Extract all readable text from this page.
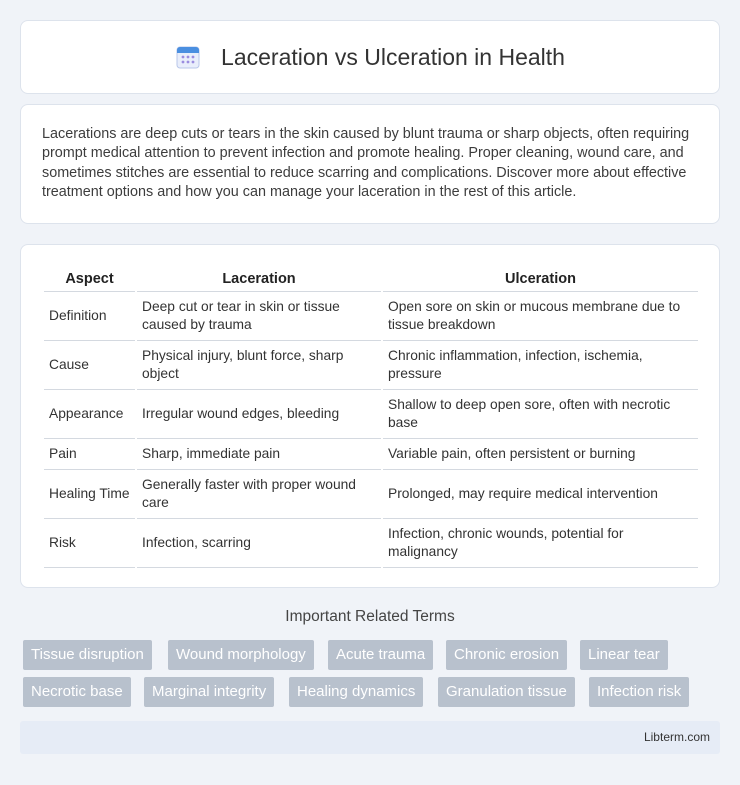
Laceration vs Ulceration in Health

Lacerations are deep cuts or tears in the skin caused by blunt trauma or sharp objects, often requiring prompt medical attention to prevent infection and promote healing. Proper cleaning, wound care, and sometimes stitches are essential to reduce scarring and complications. Discover more about effective treatment options and how you can manage your laceration in the rest of this article.

Aspect	Laceration	Ulceration
Definition	Deep cut or tear in skin or tissue caused by trauma	Open sore on skin or mucous membrane due to tissue breakdown
Cause	Physical injury, blunt force, sharp object	Chronic inflammation, infection, ischemia, pressure
Appearance	Irregular wound edges, bleeding	Shallow to deep open sore, often with necrotic base
Pain	Sharp, immediate pain	Variable pain, often persistent or burning
Healing Time	Generally faster with proper wound care	Prolonged, may require medical intervention
Risk	Infection, scarring	Infection, chronic wounds, potential for malignancy
Important Related Terms
Tissue disruption	Wound morphology	Acute trauma	Chronic erosion	Linear tear
Necrotic base	Marginal integrity	Healing dynamics	Granulation tissue	Infection risk
Libterm.com
